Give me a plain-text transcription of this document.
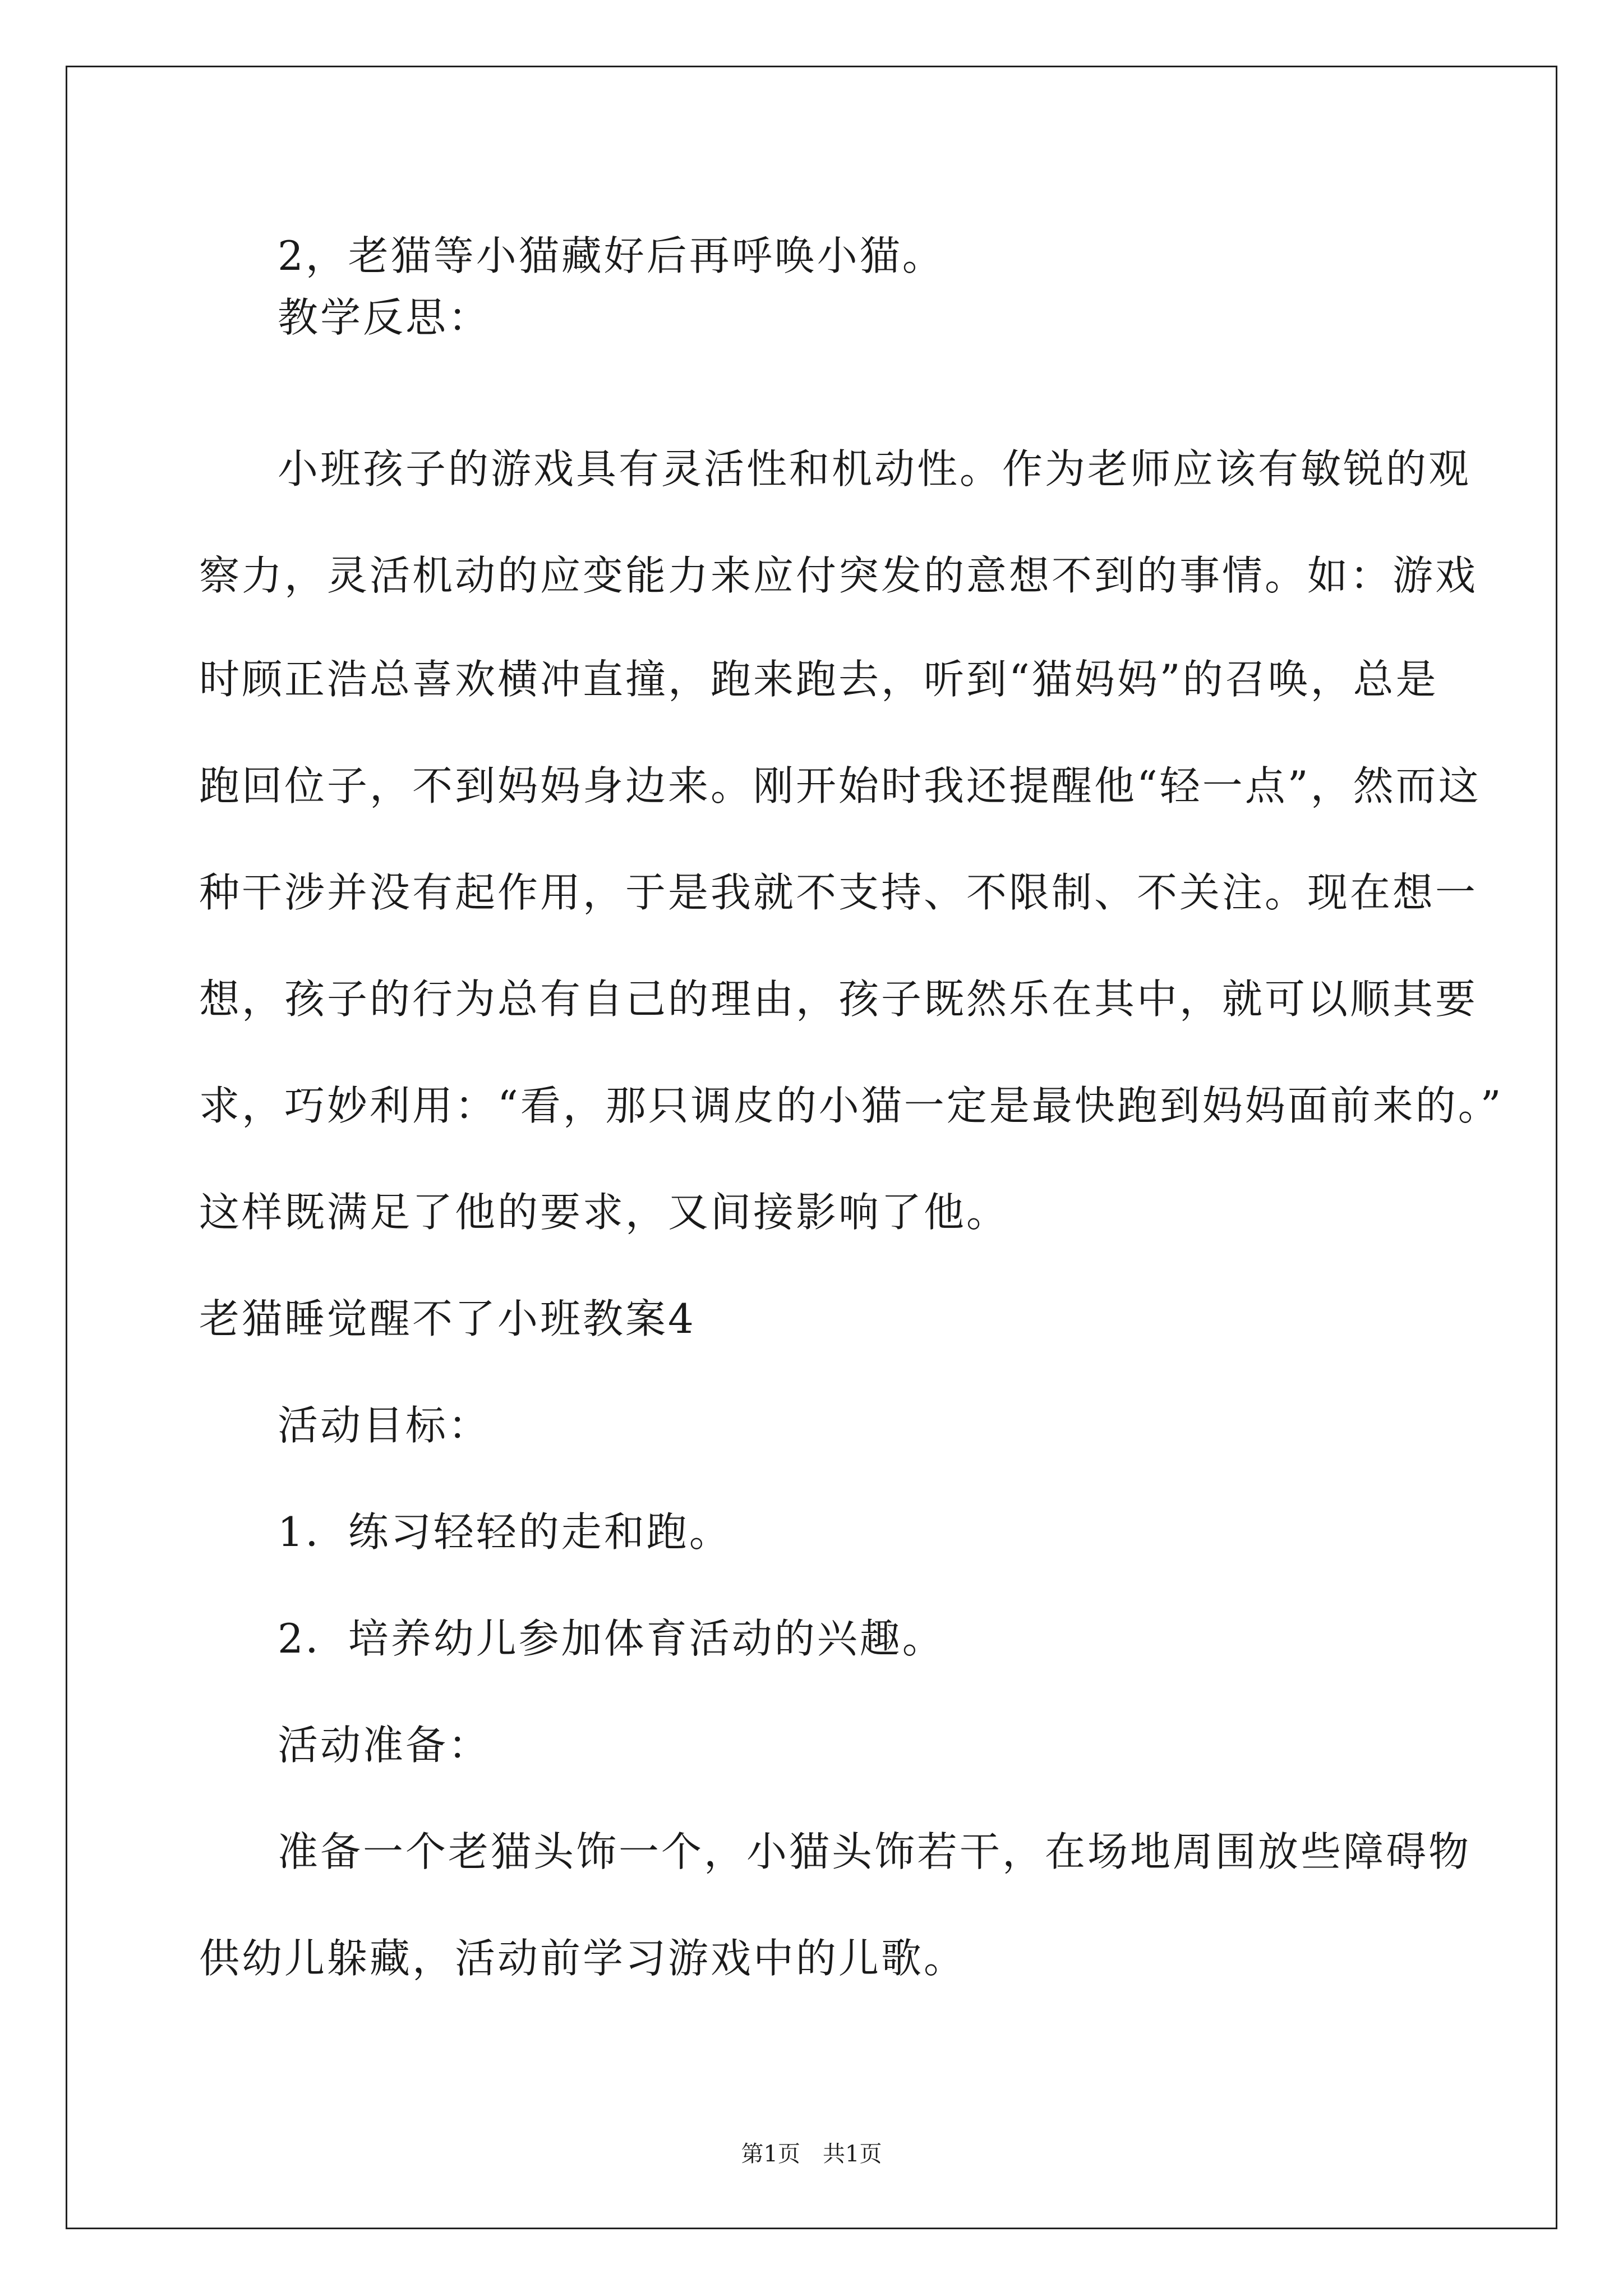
2，老猫等小猫藏好后再呼唤小猫。
教学反思：
小班孩子的游戏具有灵活性和机动性。作为老师应该有敏锐的观
察力，灵活机动的应变能力来应付突发的意想不到的事情。如：游戏
时顾正浩总喜欢横冲直撞，跑来跑去，听到“猫妈妈”的召唤，总是
跑回位子，不到妈妈身边来。刚开始时我还提醒他“轻一点”，然而这
种干涉并没有起作用，于是我就不支持、不限制、不关注。现在想一
想，孩子的行为总有自己的理由，孩子既然乐在其中，就可以顺其要
求，巧妙利用：“看，那只调皮的小猫一定是最快跑到妈妈面前来的。”
这样既满足了他的要求，又间接影响了他。
老猫睡觉醒不了小班教案4
活动目标：
1．练习轻轻的走和跑。
2．培养幼儿参加体育活动的兴趣。
活动准备：
准备一个老猫头饰一个，小猫头饰若干，在场地周围放些障碍物
供幼儿躲藏，活动前学习游戏中的儿歌。
第1页 共1页
